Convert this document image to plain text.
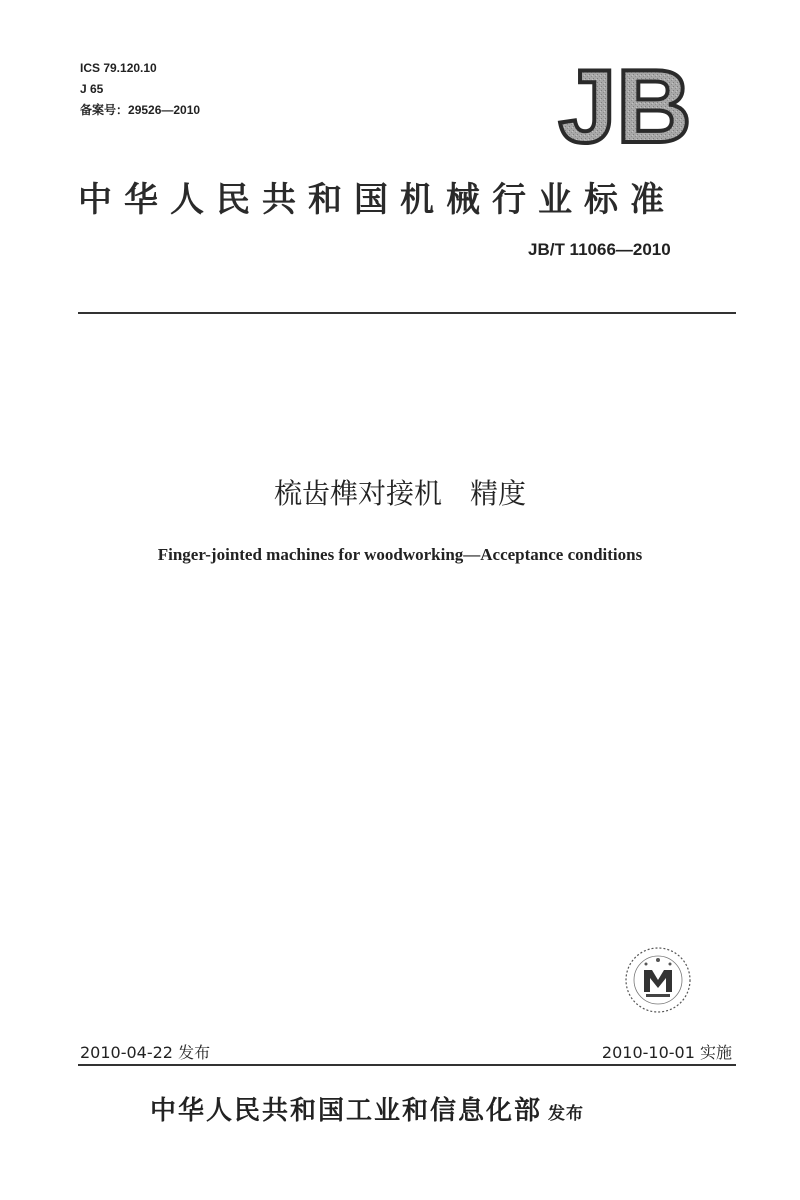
ICS 79.120.10
J 65
备案号：29526—2010	JB
中华人民共和国机械行业标准
JB/T 11066—2010
梳齿榫对接机　精度
Finger-jointed machines for woodworking—Acceptance conditions
2010-04-22 发布	2010-10-01 实施
中华人民共和国工业和信息化部 发布
